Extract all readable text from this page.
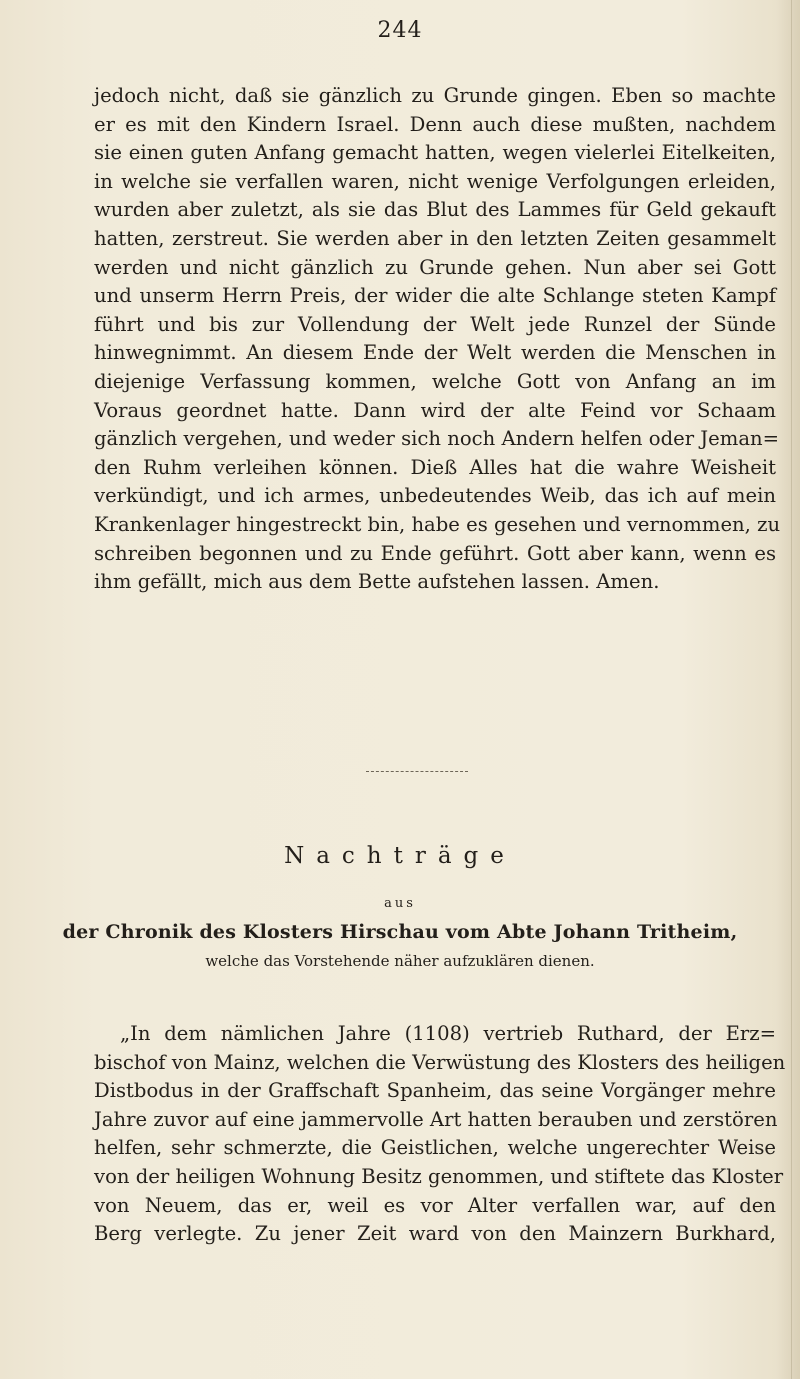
244
jedoch nicht, daß sie gänzlich zu Grunde gingen. Eben so machte
er es mit den Kindern Israel. Denn auch diese mußten, nachdem
sie einen guten Anfang gemacht hatten, wegen vielerlei Eitelkeiten,
in welche sie verfallen waren, nicht wenige Verfolgungen erleiden,
wurden aber zuletzt, als sie das Blut des Lammes für Geld gekauft
hatten, zerstreut. Sie werden aber in den letzten Zeiten gesammelt
werden und nicht gänzlich zu Grunde gehen. Nun aber sei Gott
und unserm Herrn Preis, der wider die alte Schlange steten Kampf
führt und bis zur Vollendung der Welt jede Runzel der Sünde
hinwegnimmt. An diesem Ende der Welt werden die Menschen in
diejenige Verfassung kommen, welche Gott von Anfang an im
Voraus geordnet hatte. Dann wird der alte Feind vor Schaam
gänzlich vergehen, und weder sich noch Andern helfen oder Jeman=
den Ruhm verleihen können. Dieß Alles hat die wahre Weisheit
verkündigt, und ich armes, unbedeutendes Weib, das ich auf mein
Krankenlager hingestreckt bin, habe es gesehen und vernommen, zu
schreiben begonnen und zu Ende geführt. Gott aber kann, wenn es
ihm gefällt, mich aus dem Bette aufstehen lassen. Amen.
Nachträge
aus
der Chronik des Klosters Hirschau vom Abte Johann Tritheim,
welche das Vorstehende näher aufzuklären dienen.
„In dem nämlichen Jahre (1108) vertrieb Ruthard, der Erz=
bischof von Mainz, welchen die Verwüstung des Klosters des heiligen
Distbodus in der Graffschaft Spanheim, das seine Vorgänger mehre
Jahre zuvor auf eine jammervolle Art hatten berauben und zerstören
helfen, sehr schmerzte, die Geistlichen, welche ungerechter Weise
von der heiligen Wohnung Besitz genommen, und stiftete das Kloster
von Neuem, das er, weil es vor Alter verfallen war, auf den
Berg verlegte. Zu jener Zeit ward von den Mainzern Burkhard,
